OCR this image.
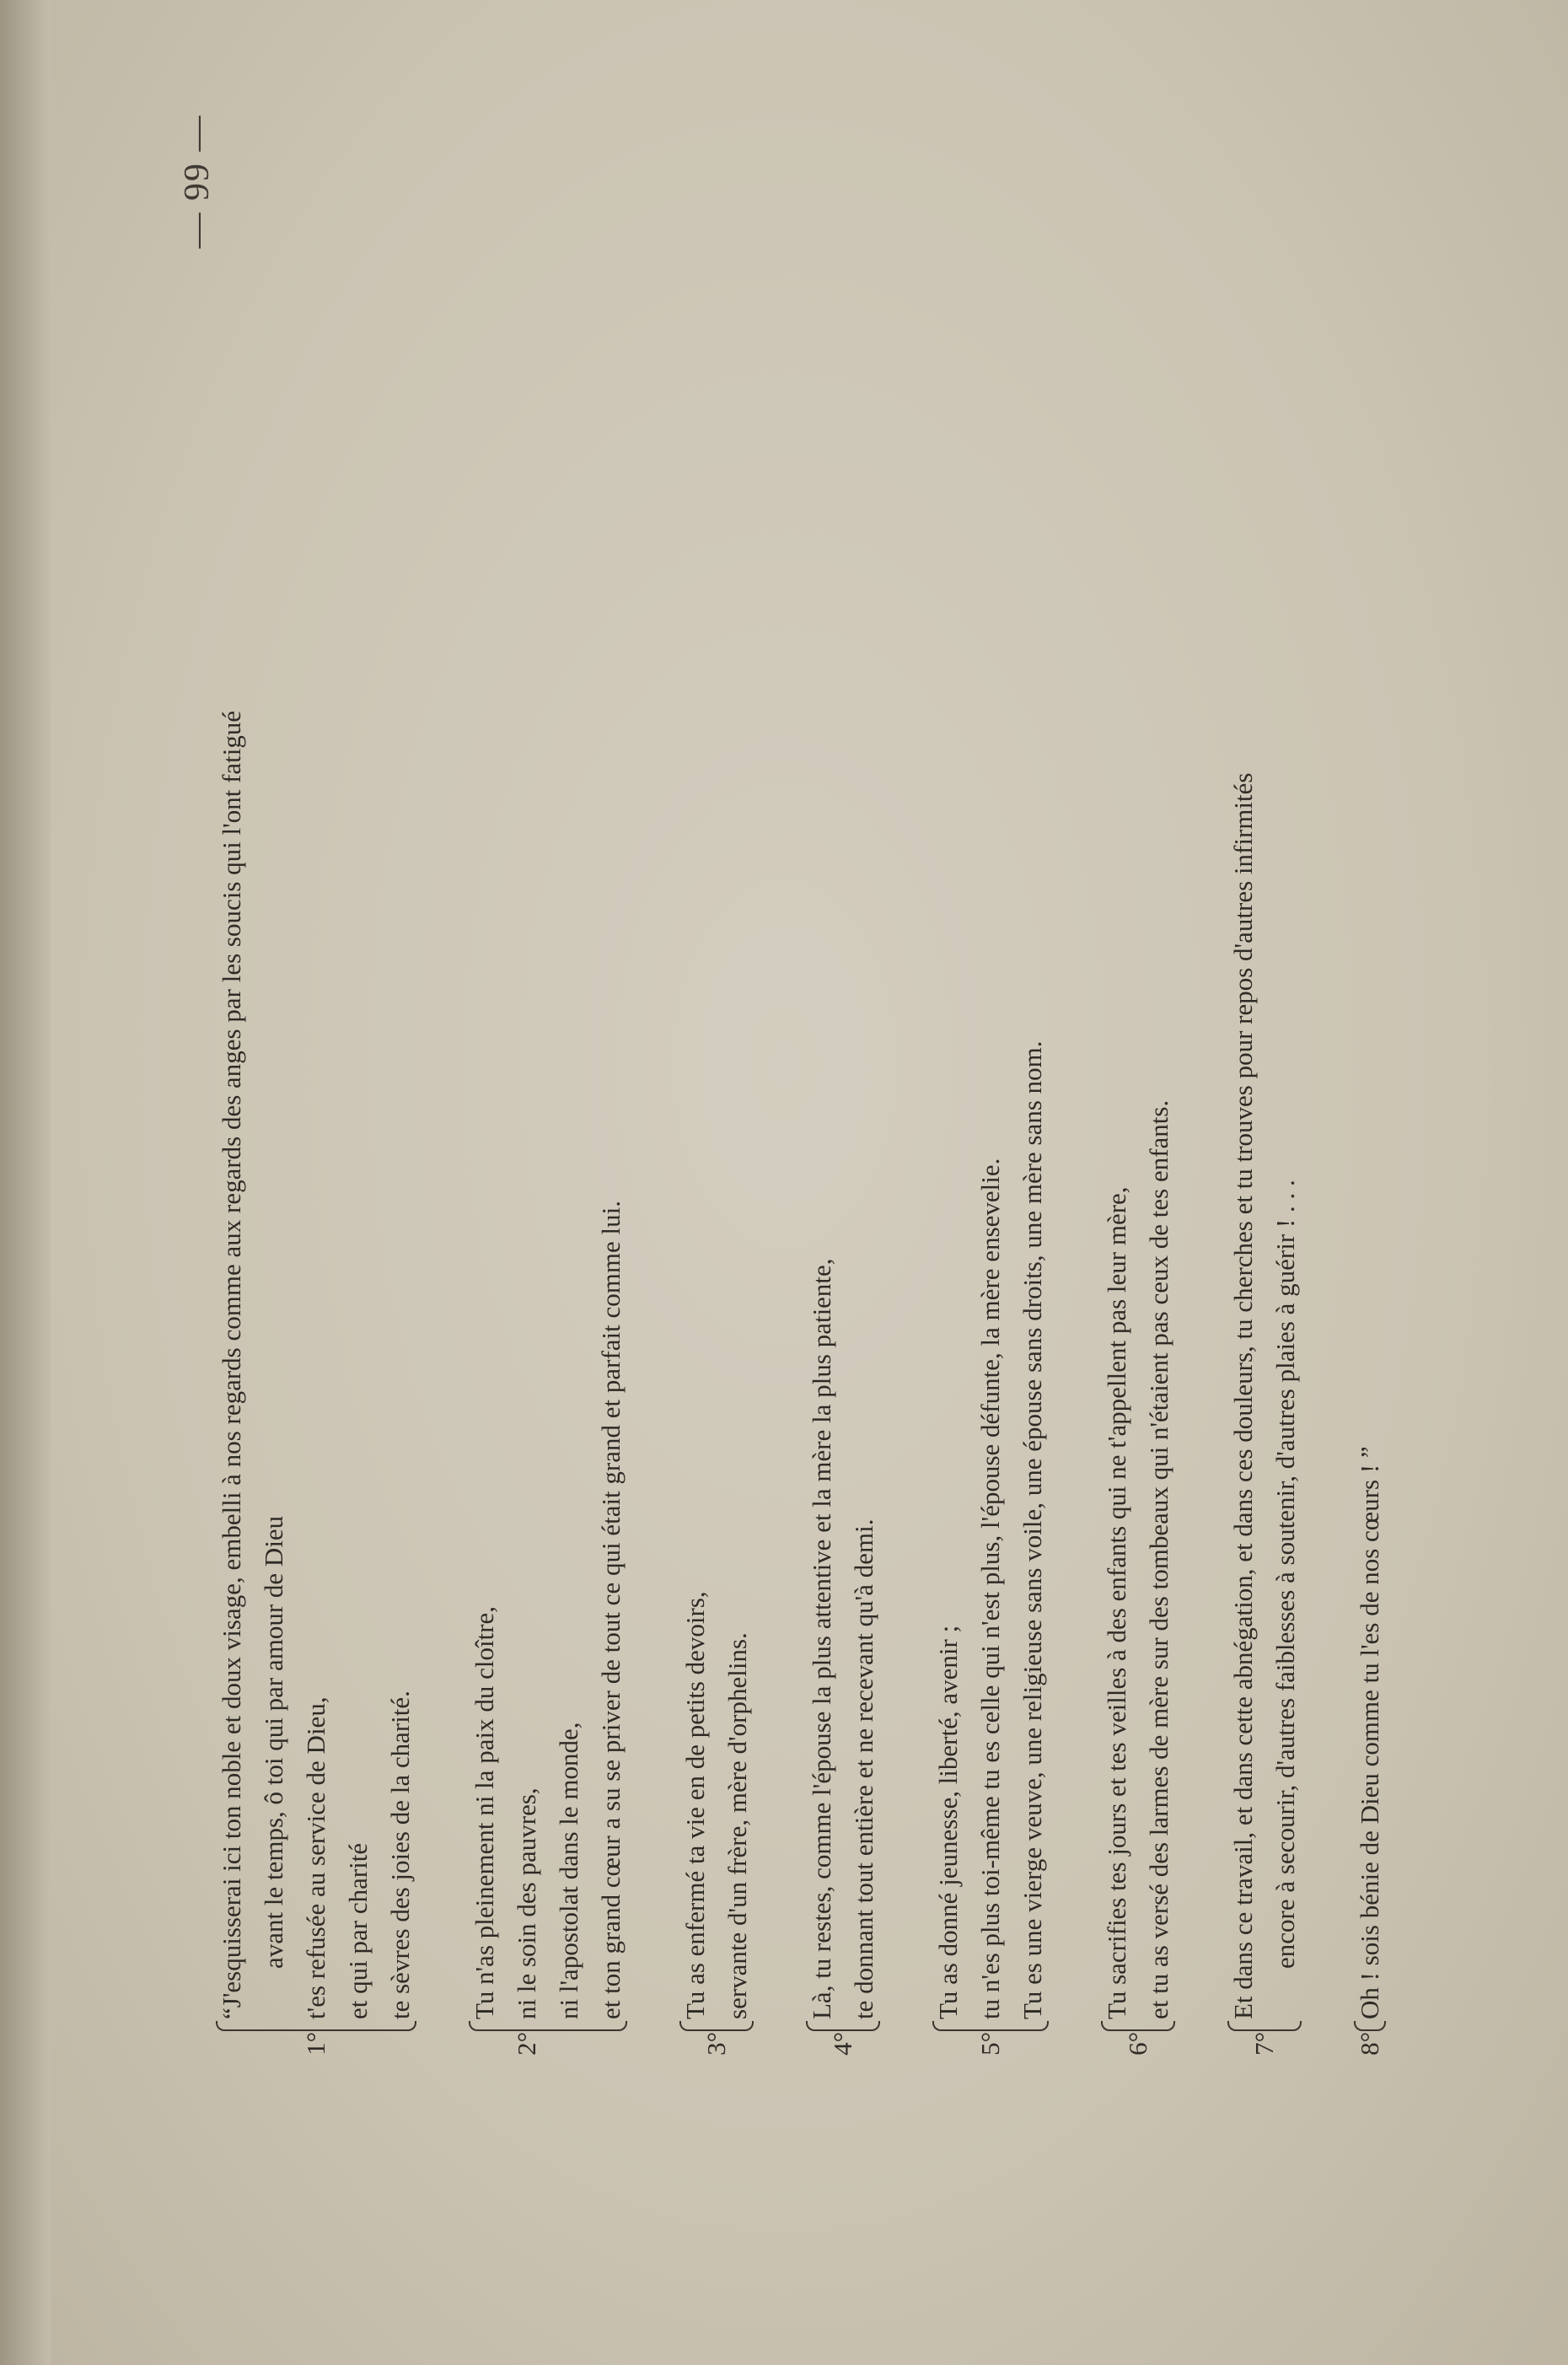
— 99 —
1°
“J'esquisserai ici ton noble et doux visage, embelli à nos regards comme aux regards des anges par les soucis qui l'ont fatigué avant le temps, ô toi qui par amour de Dieu t'es refusée au service de Dieu, et qui par charité te sèvres des joies de la charité.
2°
Tu n'as pleinement ni la paix du cloître, ni le soin des pauvres, ni l'apostolat dans le monde, et ton grand cœur a su se priver de tout ce qui était grand et parfait comme lui.
3°
Tu as enfermé ta vie en de petits devoirs, servante d'un frère, mère d'orphelins.
4°
Là, tu restes, comme l'épouse la plus attentive et la mère la plus patiente, te donnant tout entière et ne recevant qu'à demi.
5°
Tu as donné jeunesse, liberté, avenir ; tu n'es plus toi-même tu es celle qui n'est plus, l'épouse défunte, la mère ensevelie. Tu es une vierge veuve, une religieuse sans voile, une épouse sans droits, une mère sans nom.
6°
Tu sacrifies tes jours et tes veilles à des enfants qui ne t'appellent pas leur mère, et tu as versé des larmes de mère sur des tombeaux qui n'étaient pas ceux de tes enfants.
7°
Et dans ce travail, et dans cette abnégation, et dans ces douleurs, tu cherches et tu trouves pour repos d'autres infirmités encore à secourir, d'autres faiblesses à soutenir, d'autres plaies à guérir ! . . .
8°
Oh ! sois bénie de Dieu comme tu l'es de nos cœurs ! ”
